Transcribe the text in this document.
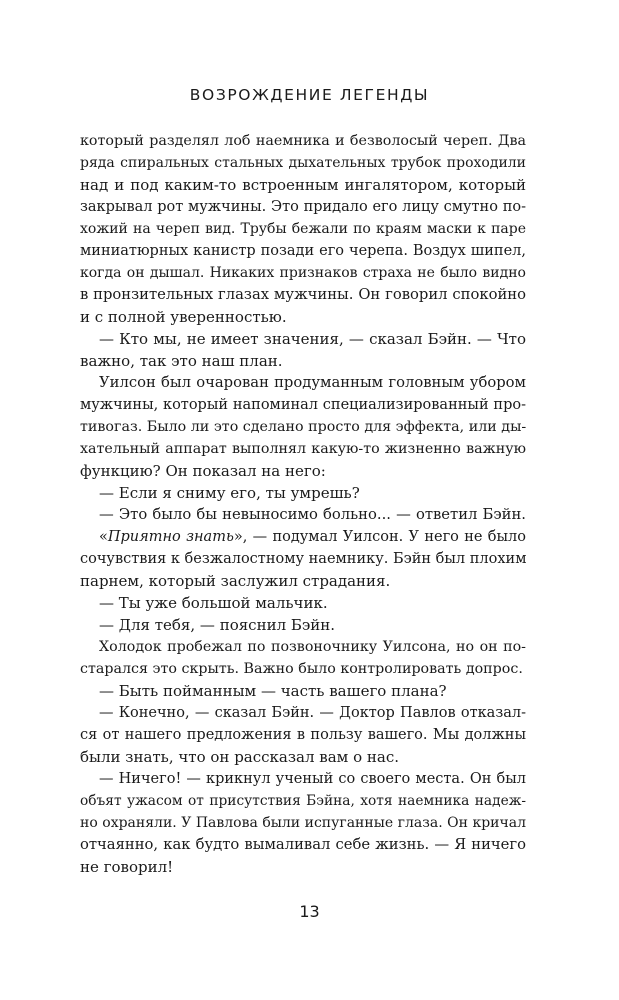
ВОЗРОЖДЕНИЕ ЛЕГЕНДЫ

который разделял лоб наемника и безволосый череп. Два
ряда спиральных стальных дыхательных трубок проходили
над и под каким-то встроенным ингалятором, который
закрывал рот мужчины. Это придало его лицу смутно по-
хожий на череп вид. Трубы бежали по краям маски к паре
миниатюрных канистр позади его черепа. Воздух шипел,
когда он дышал. Никаких признаков страха не было видно
в пронзительных глазах мужчины. Он говорил спокойно
и с полной уверенностью.

— Кто мы, не имеет значения, — сказал Бэйн. — Что
важно, так это наш план.

Уилсон был очарован продуманным головным убором
мужчины, который напоминал специализированный про-
тивогаз. Было ли это сделано просто для эффекта, или ды-
хательный аппарат выполнял какую-то жизненно важную
функцию? Он показал на него:

— Если я сниму его, ты умрешь?

— Это было бы невыносимо больно... — ответил Бэйн.

«Приятно знать», — подумал Уилсон. У него не было
сочувствия к безжалостному наемнику. Бэйн был плохим
парнем, который заслужил страдания.

— Ты уже большой мальчик.

— Для тебя, — пояснил Бэйн.

Холодок пробежал по позвоночнику Уилсона, но он по-
старался это скрыть. Важно было контролировать допрос.

— Быть пойманным — часть вашего плана?

— Конечно, — сказал Бэйн. — Доктор Павлов отказал-
ся от нашего предложения в пользу вашего. Мы должны
были знать, что он рассказал вам о нас.

— Ничего! — крикнул ученый со своего места. Он был
объят ужасом от присутствия Бэйна, хотя наемника надеж-
но охраняли. У Павлова были испуганные глаза. Он кричал
отчаянно, как будто вымаливал себе жизнь. — Я ничего
не говорил!

13
